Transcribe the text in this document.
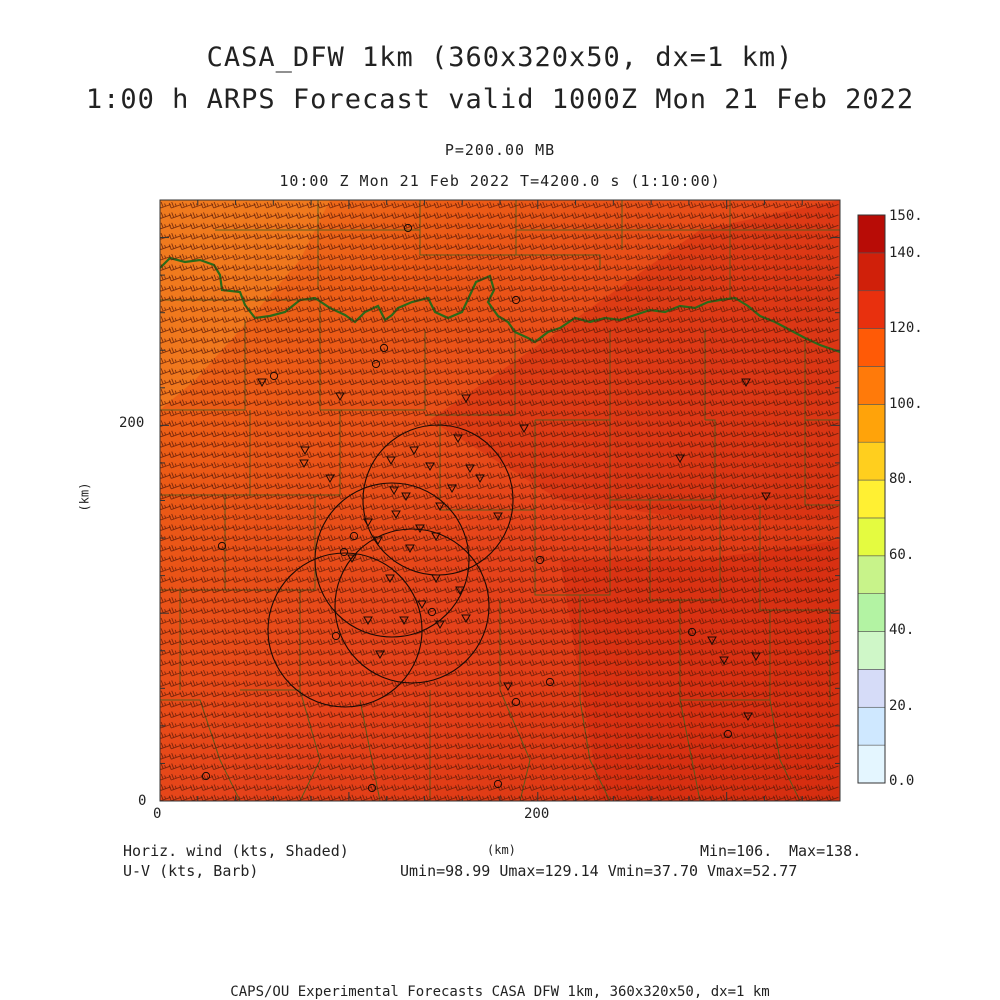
CASA_DFW 1km (360x320x50, dx=1 km)
1:00 h ARPS Forecast valid 1000Z Mon 21 Feb 2022
P=200.00 MB
10:00 Z Mon 21 Feb 2022 T=4200.0 s (1:10:00)
0	200
0
200
(km)
(km)
150.
140.
120.
100.
80.
60.
40.
20.
0.0
Horiz. wind (kts, Shaded)
U-V (kts, Barb)
Min=106. Max=138.
Umin=98.99 Umax=129.14 Vmin=37.70 Vmax=52.77
CAPS/OU Experimental Forecasts CASA DFW 1km, 360x320x50, dx=1 km
